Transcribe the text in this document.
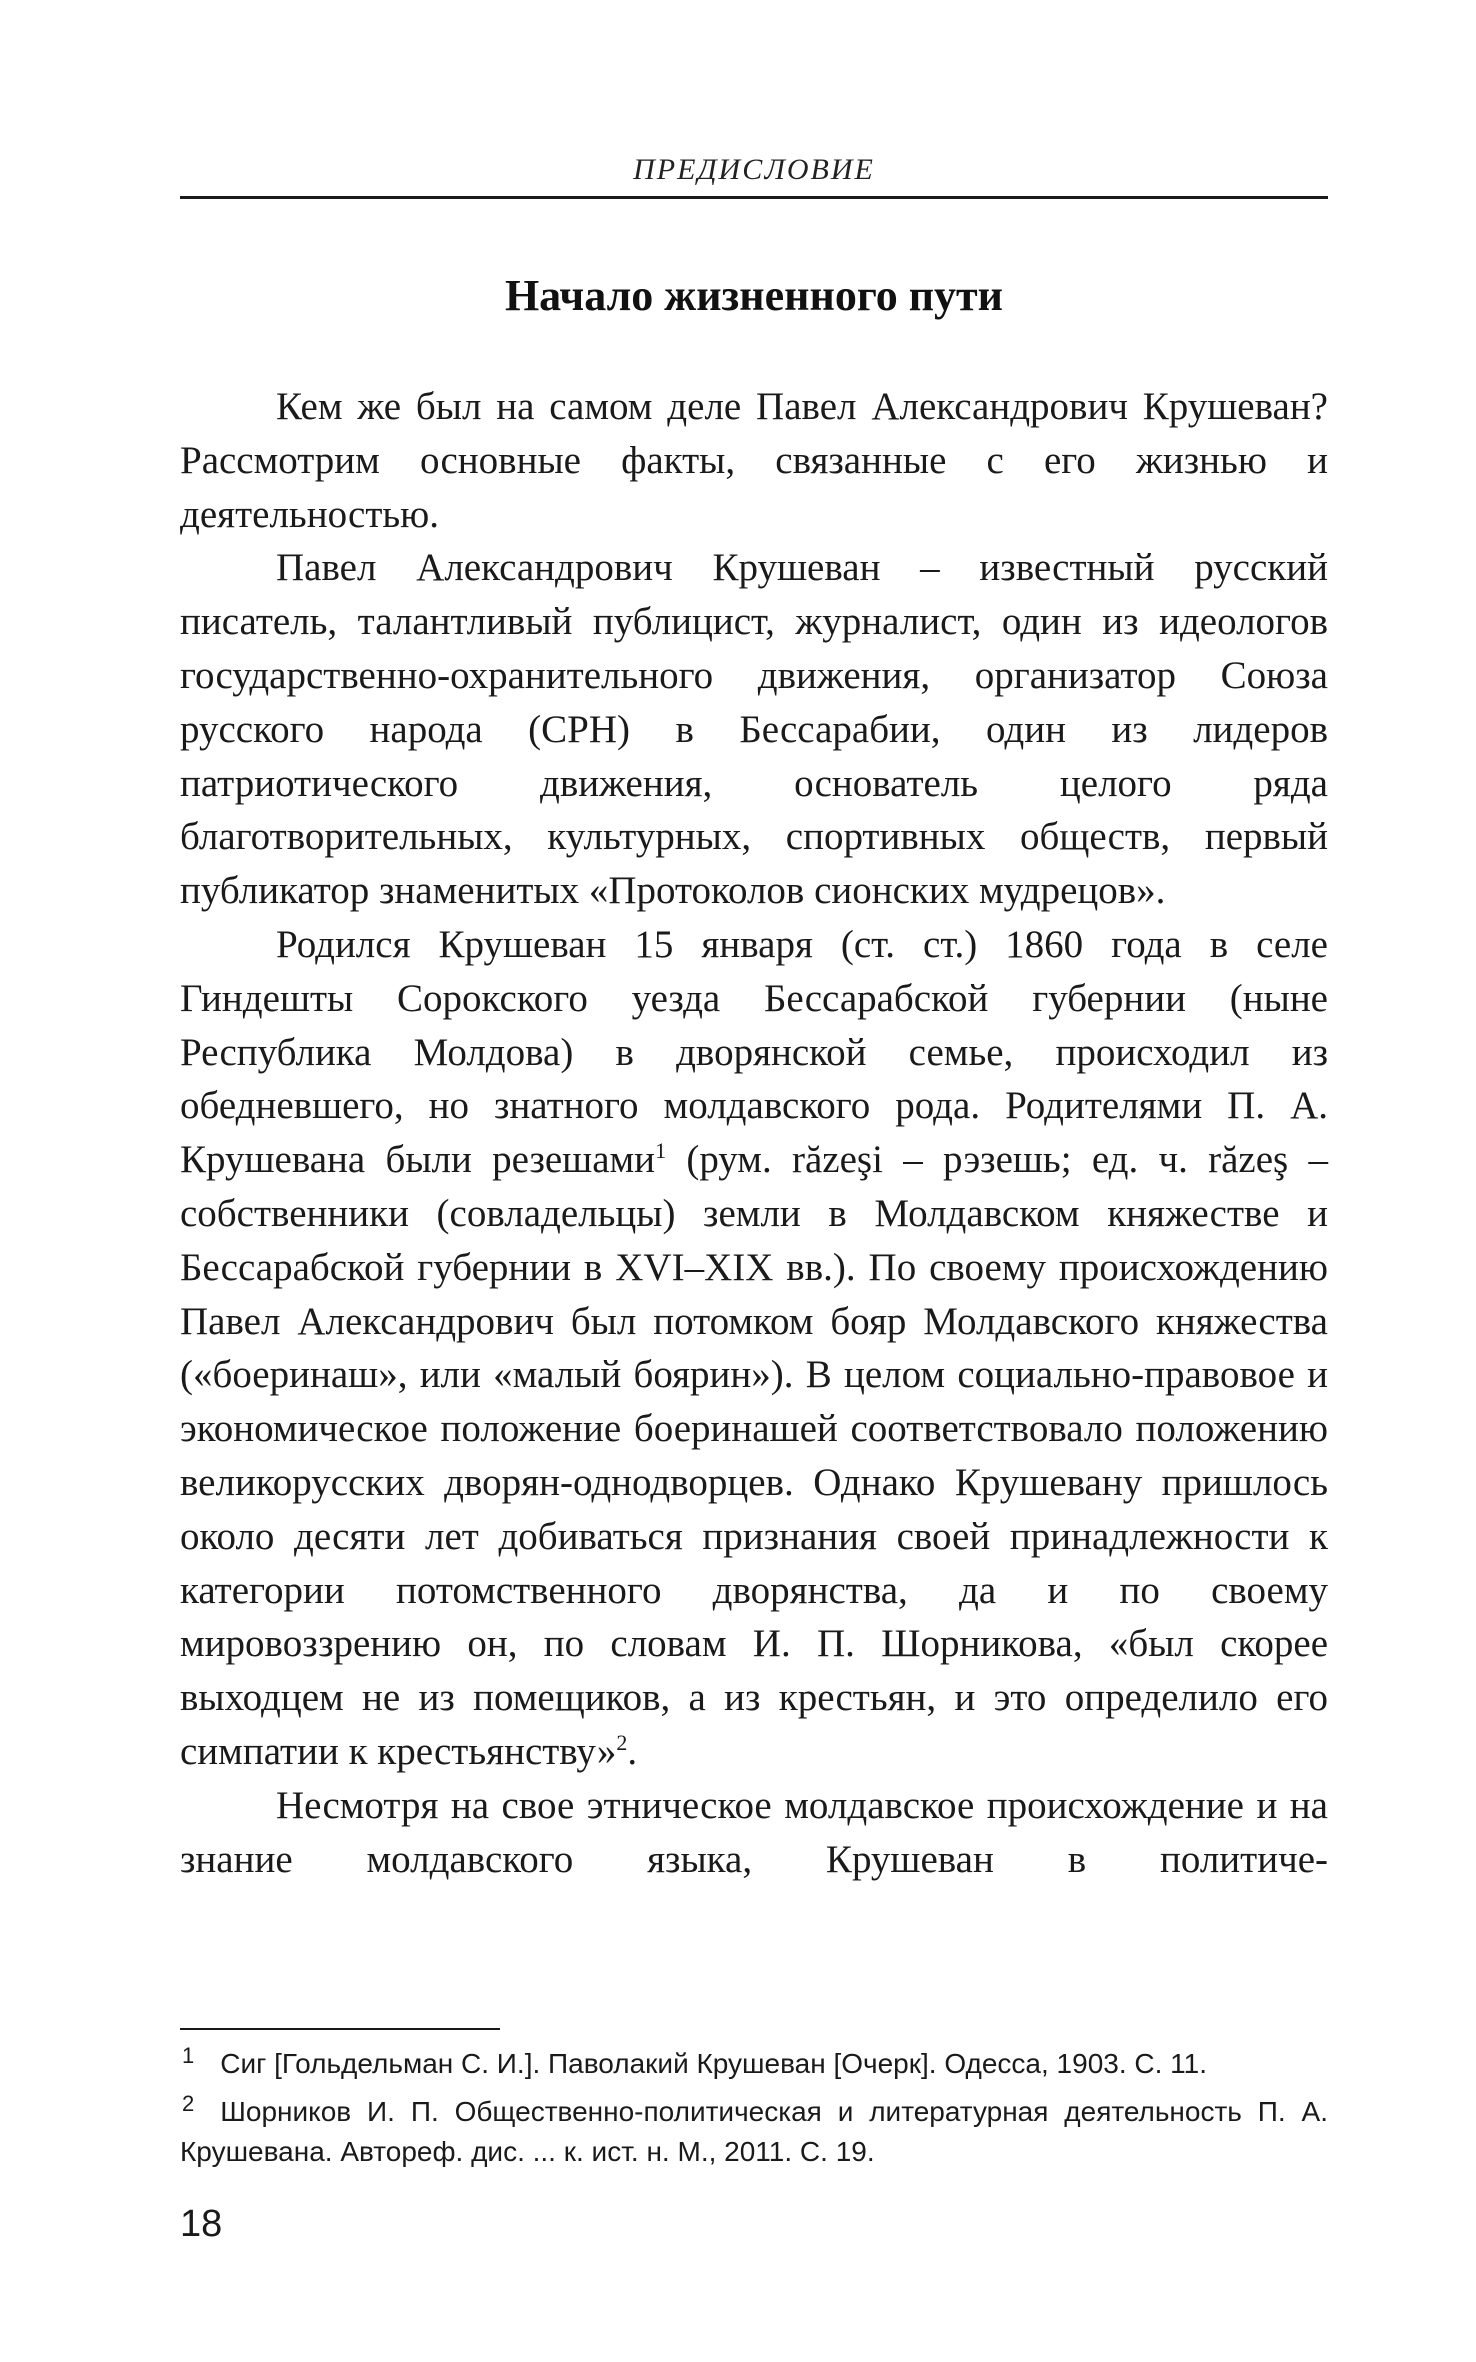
ПРЕДИСЛОВИЕ
Начало жизненного пути

Кем же был на самом деле Павел Александрович Крушеван? Рассмотрим основные факты, связанные с его жизнью и деятельностью.

Павел Александрович Крушеван – известный русский писатель, талантливый публицист, журналист, один из идеологов государственно-охранительного движения, организатор Союза русского народа (СРН) в Бессарабии, один из лидеров патриотического движения, основатель целого ряда благотворительных, культурных, спортивных обществ, первый публикатор знаменитых «Протоколов сионских мудрецов».

Родился Крушеван 15 января (ст. ст.) 1860 года в селе Гиндешты Сорокского уезда Бессарабской губернии (ныне Республика Молдова) в дворянской семье, происходил из обедневшего, но знатного молдавского рода. Родителями П. А. Крушевана были резешами$^1$ (рум. răzeşi – рэзешь; ед. ч. răzeş – собственники (совладельцы) земли в Молдавском княжестве и Бессарабской губернии в XVI–XIX вв.). По своему происхождению Павел Александрович был потомком бояр Молдавского княжества («боеринаш», или «малый боярин»). В целом социально-правовое и экономическое положение боеринашей соответствовало положению великорусских дворян-однодворцев. Однако Крушевану пришлось около десяти лет добиваться признания своей принадлежности к категории потомственного дворянства, да и по своему мировоззрению он, по словам И. П. Шорникова, «был скорее выходцем не из помещиков, а из крестьян, и это определило его симпатии к крестьянству»$^2$.

Несмотря на свое этническое молдавское происхождение и на знание молдавского языка, Крушеван в политиче-

$^1$ Сиг [Гольдельман С. И.]. Паволакий Крушеван [Очерк]. Одесса, 1903. С. 11.

$^2$ Шорников И. П. Общественно-политическая и литературная деятельность П. А. Крушевана. Автореф. дис. ... к. ист. н. М., 2011. С. 19.

18
